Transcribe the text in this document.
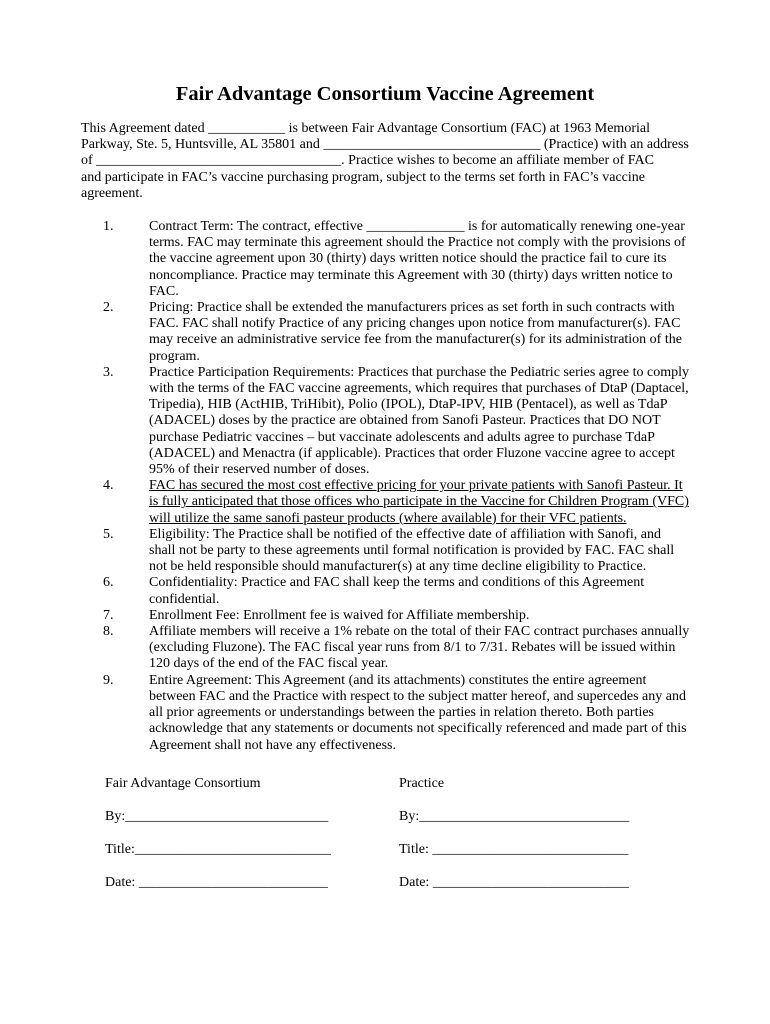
Fair Advantage Consortium Vaccine Agreement
This Agreement dated ___________ is between Fair Advantage Consortium (FAC) at 1963 Memorial
Parkway, Ste. 5, Huntsville, AL 35801 and _______________________________ (Practice) with an address
of ___________________________________. Practice wishes to become an affiliate member of FAC
and participate in FAC’s vaccine purchasing program, subject to the terms set forth in FAC’s vaccine
agreement.
1.	Contract Term: The contract, effective ______________ is for automatically renewing one-year
terms. FAC may terminate this agreement should the Practice not comply with the provisions of
the vaccine agreement upon 30 (thirty) days written notice should the practice fail to cure its
noncompliance. Practice may terminate this Agreement with 30 (thirty) days written notice to
FAC.
2.	Pricing: Practice shall be extended the manufacturers prices as set forth in such contracts with
FAC. FAC shall notify Practice of any pricing changes upon notice from manufacturer(s). FAC
may receive an administrative service fee from the manufacturer(s) for its administration of the
program.
3.	Practice Participation Requirements: Practices that purchase the Pediatric series agree to comply
with the terms of the FAC vaccine agreements, which requires that purchases of DtaP (Daptacel,
Tripedia), HIB (ActHIB, TriHibit), Polio (IPOL), DtaP-IPV, HIB (Pentacel), as well as TdaP
(ADACEL) doses by the practice are obtained from Sanofi Pasteur. Practices that DO NOT
purchase Pediatric vaccines – but vaccinate adolescents and adults agree to purchase TdaP
(ADACEL) and Menactra (if applicable). Practices that order Fluzone vaccine agree to accept
95% of their reserved number of doses.
4.	FAC has secured the most cost effective pricing for your private patients with Sanofi Pasteur. It
is fully anticipated that those offices who participate in the Vaccine for Children Program (VFC)
will utilize the same sanofi pasteur products (where available) for their VFC patients.
5.	Eligibility: The Practice shall be notified of the effective date of affiliation with Sanofi, and
shall not be party to these agreements until formal notification is provided by FAC. FAC shall
not be held responsible should manufacturer(s) at any time decline eligibility to Practice.
6.	Confidentiality: Practice and FAC shall keep the terms and conditions of this Agreement
confidential.
7.	Enrollment Fee: Enrollment fee is waived for Affiliate membership.
8.	Affiliate members will receive a 1% rebate on the total of their FAC contract purchases annually
(excluding Fluzone). The FAC fiscal year runs from 8/1 to 7/31. Rebates will be issued within
120 days of the end of the FAC fiscal year.
9.	Entire Agreement: This Agreement (and its attachments) constitutes the entire agreement
between FAC and the Practice with respect to the subject matter hereof, and supercedes any and
all prior agreements or understandings between the parties in relation thereto. Both parties
acknowledge that any statements or documents not specifically referenced and made part of this
Agreement shall not have any effectiveness.
Fair Advantage Consortium	Practice
By:_____________________________	By:______________________________
Title:____________________________	Title: ____________________________
Date: ___________________________	Date: ____________________________
